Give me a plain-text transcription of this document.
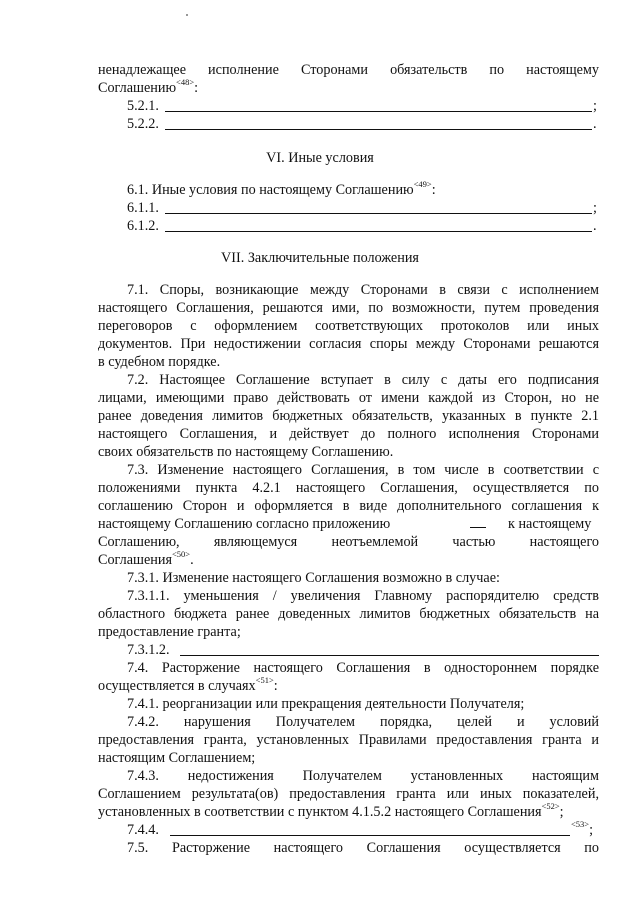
ненадлежащее исполнение Сторонами обязательств по настоящему
Соглашению$^{<48>}$:
5.2.1.	;
5.2.2.	.
VI. Иные условия
6.1. Иные условия по настоящему Соглашению$^{<49>}$:
6.1.1.	;
6.1.2.	.
VII. Заключительные положения
7.1. Споры, возникающие между Сторонами в связи с исполнением
настоящего Соглашения, решаются ими, по возможности, путем проведения
переговоров с оформлением соответствующих протоколов или иных
документов. При недостижении согласия споры между Сторонами решаются
в судебном порядке.
7.2. Настоящее Соглашение вступает в силу с даты его подписания
лицами, имеющими право действовать от имени каждой из Сторон, но не
ранее доведения лимитов бюджетных обязательств, указанных в пункте 2.1
настоящего Соглашения, и действует до полного исполнения Сторонами
своих обязательств по настоящему Соглашению.
7.3. Изменение настоящего Соглашения, в том числе в соответствии с
положениями пункта 4.2.1 настоящего Соглашения, осуществляется по
соглашению Сторон и оформляется в виде дополнительного соглашения к
настоящему Соглашению согласно приложению	к настоящему
Соглашению, являющемуся неотъемлемой частью настоящего
Соглашения$^{<50>}$.
7.3.1. Изменение настоящего Соглашения возможно в случае:
7.3.1.1. уменьшения / увеличения Главному распорядителю средств
областного бюджета ранее доведенных лимитов бюджетных обязательств на
предоставление гранта;
7.3.1.2.
7.4. Расторжение настоящего Соглашения в одностороннем порядке
осуществляется в случаях$^{<51>}$:
7.4.1. реорганизации или прекращения деятельности Получателя;
7.4.2. нарушения Получателем порядка, целей и условий
предоставления гранта, установленных Правилами предоставления гранта и
настоящим Соглашением;
7.4.3. недостижения Получателем установленных настоящим
Соглашением результата(ов) предоставления гранта или иных показателей,
установленных в соответствии с пунктом 4.1.5.2 настоящего Соглашения$^{<52>}$;
7.4.4.	$^{<53>}$;
7.5. Расторжение настоящего Соглашения осуществляется по
